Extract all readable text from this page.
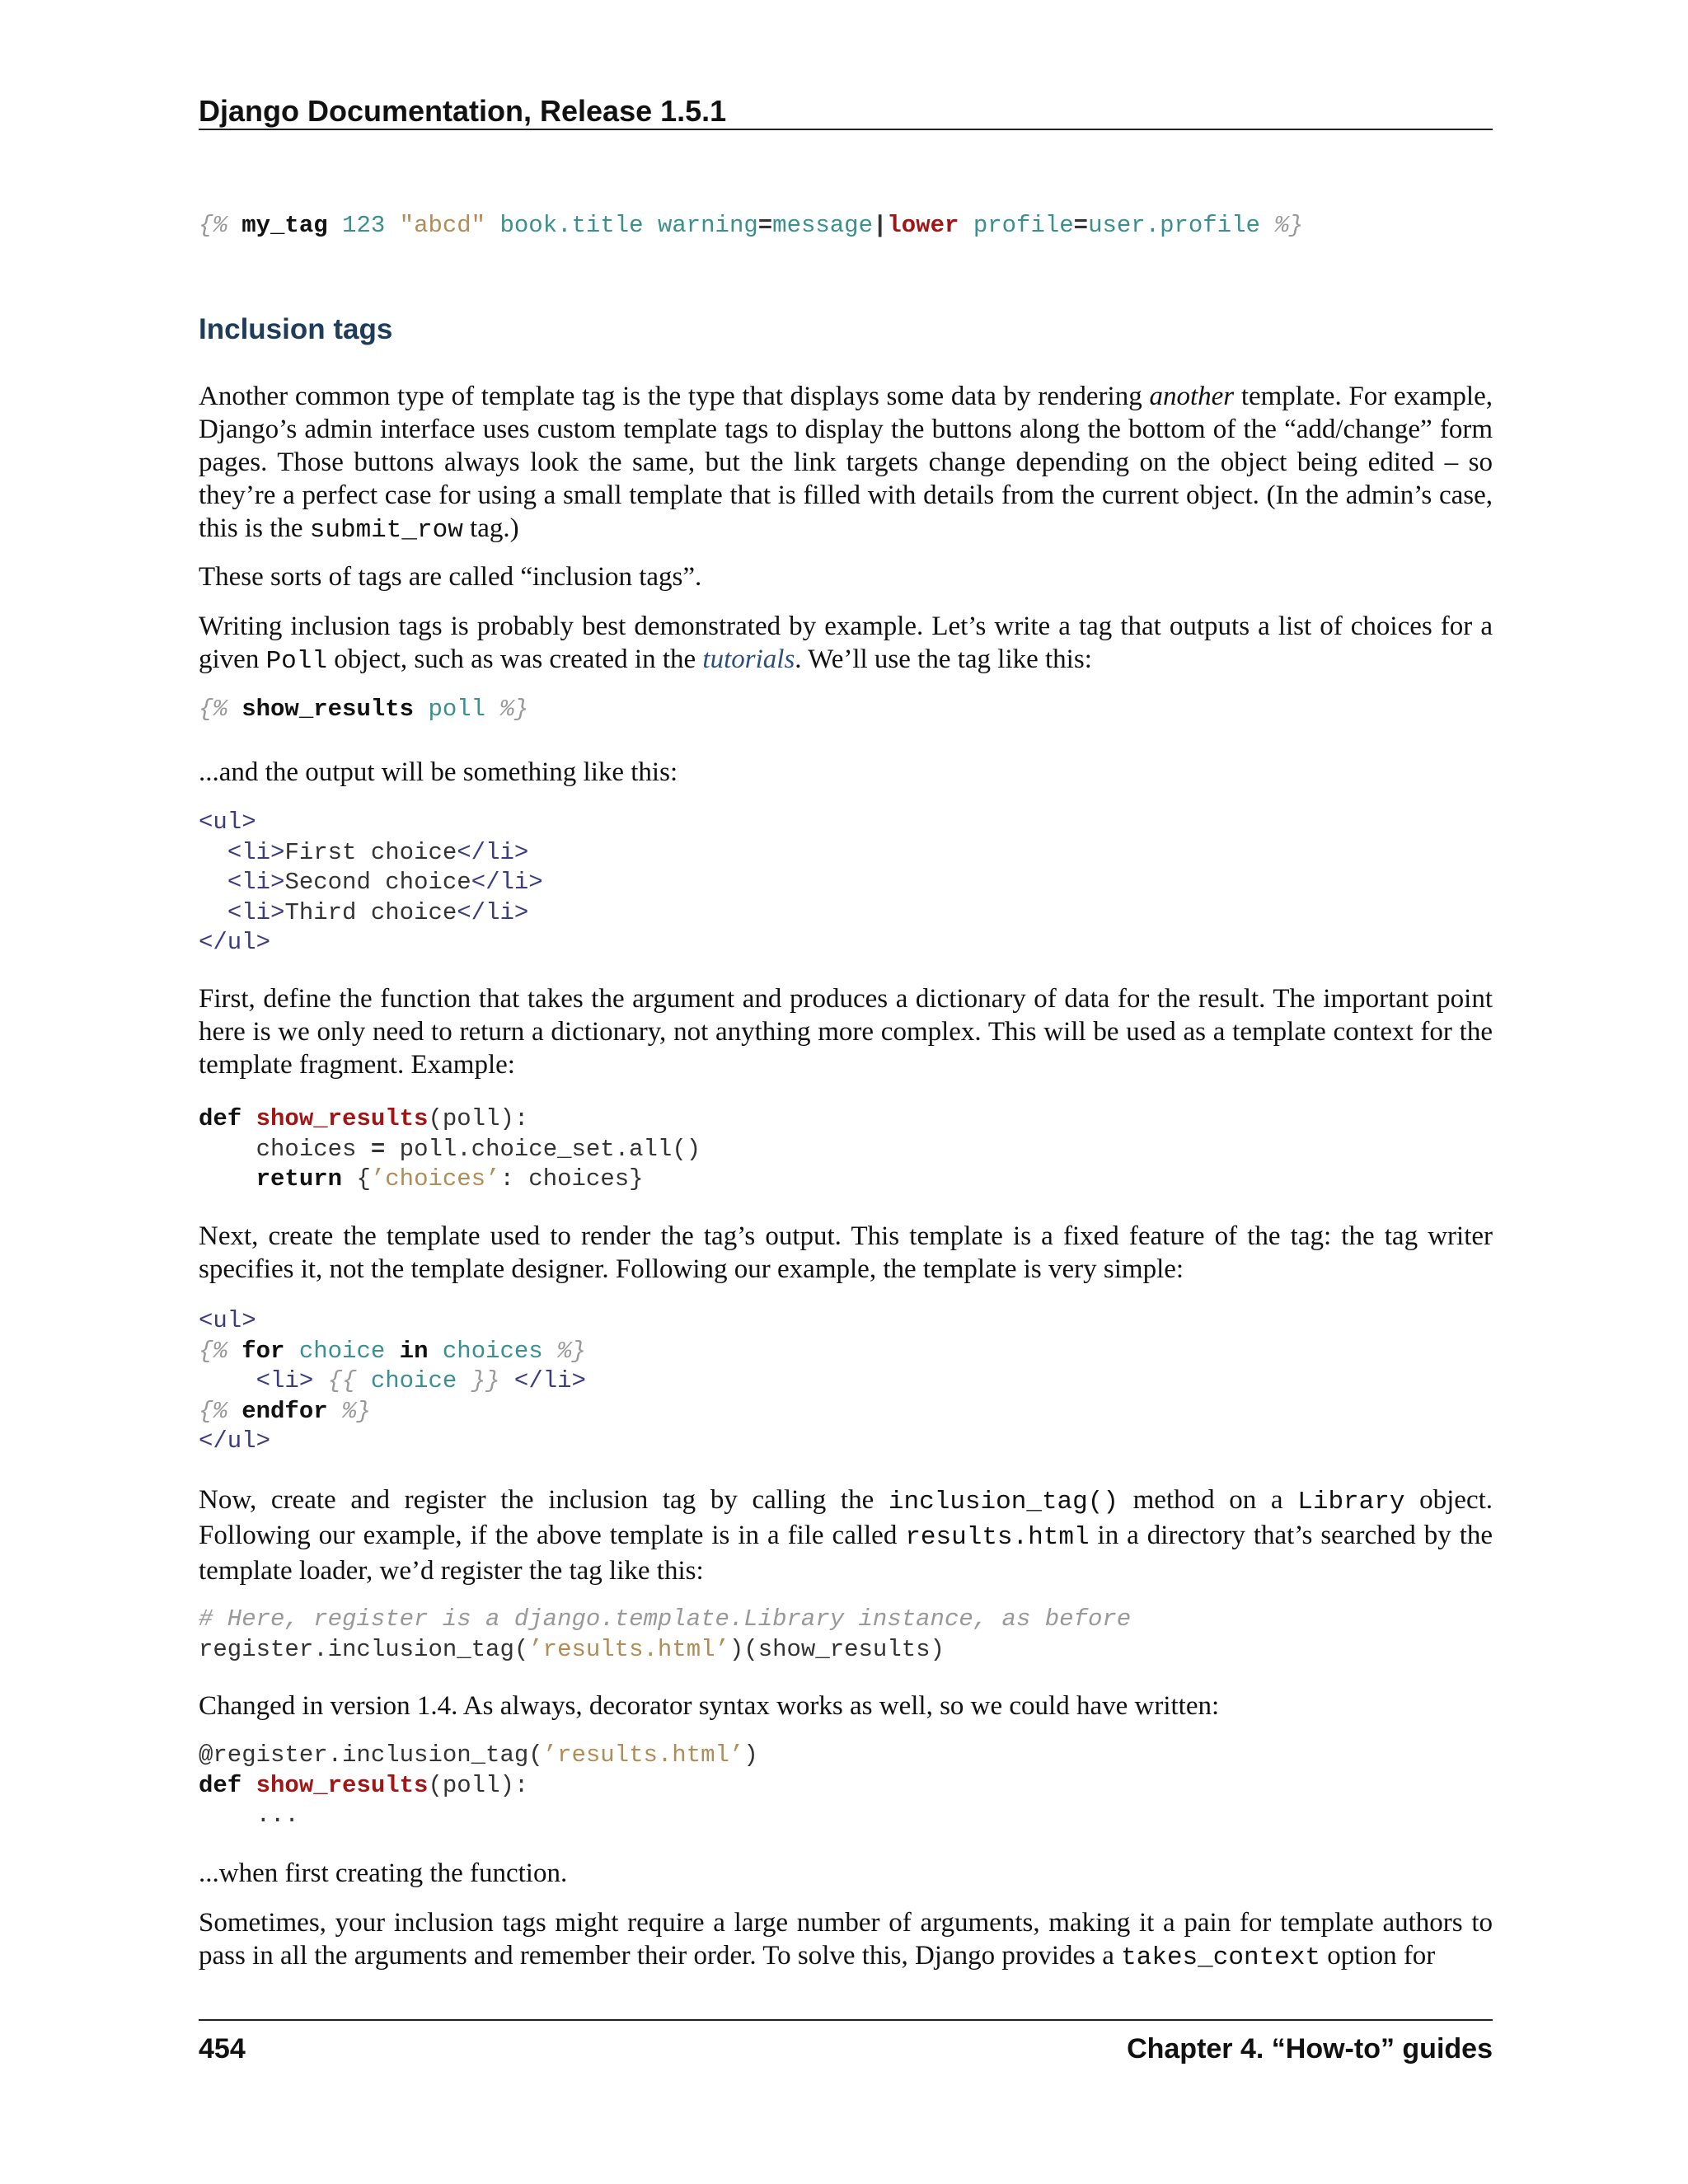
Django Documentation, Release 1.5.1
{% my_tag 123 "abcd" book.title warning=message|lower profile=user.profile %}
Inclusion tags

Another common type of template tag is the type that displays some data by rendering another template. For example, Django’s admin interface uses custom template tags to display the buttons along the bottom of the “add/change” form pages. Those buttons always look the same, but the link targets change depending on the object being edited – so they’re a perfect case for using a small template that is filled with details from the current object. (In the admin’s case, this is the submit_row tag.)

These sorts of tags are called “inclusion tags”.

Writing inclusion tags is probably best demonstrated by example. Let’s write a tag that outputs a list of choices for a given Poll object, such as was created in the tutorials. We’ll use the tag like this:

{% show_results poll %}

...and the output will be something like this:

<ul>
<li>First choice</li>
<li>Second choice</li>
<li>Third choice</li>
</ul>

First, define the function that takes the argument and produces a dictionary of data for the result. The important point here is we only need to return a dictionary, not anything more complex. This will be used as a template context for the template fragment. Example:

def show_results(poll):
choices = poll.choice_set.all()
return {’choices’: choices}

Next, create the template used to render the tag’s output. This template is a fixed feature of the tag: the tag writer specifies it, not the template designer. Following our example, the template is very simple:

<ul>
{% for choice in choices %}
<li> {{ choice }} </li>
{% endfor %}
</ul>

Now, create and register the inclusion tag by calling the inclusion_tag() method on a Library object. Following our example, if the above template is in a file called results.html in a directory that’s searched by the template loader, we’d register the tag like this:

# Here, register is a django.template.Library instance, as before
register.inclusion_tag(’results.html’)(show_results)

Changed in version 1.4. As always, decorator syntax works as well, so we could have written:

@register.inclusion_tag(’results.html’)
def show_results(poll):
...

...when first creating the function.

Sometimes, your inclusion tags might require a large number of arguments, making it a pain for template authors to pass in all the arguments and remember their order. To solve this, Django provides a takes_context option for

454	Chapter 4. “How-to” guides
